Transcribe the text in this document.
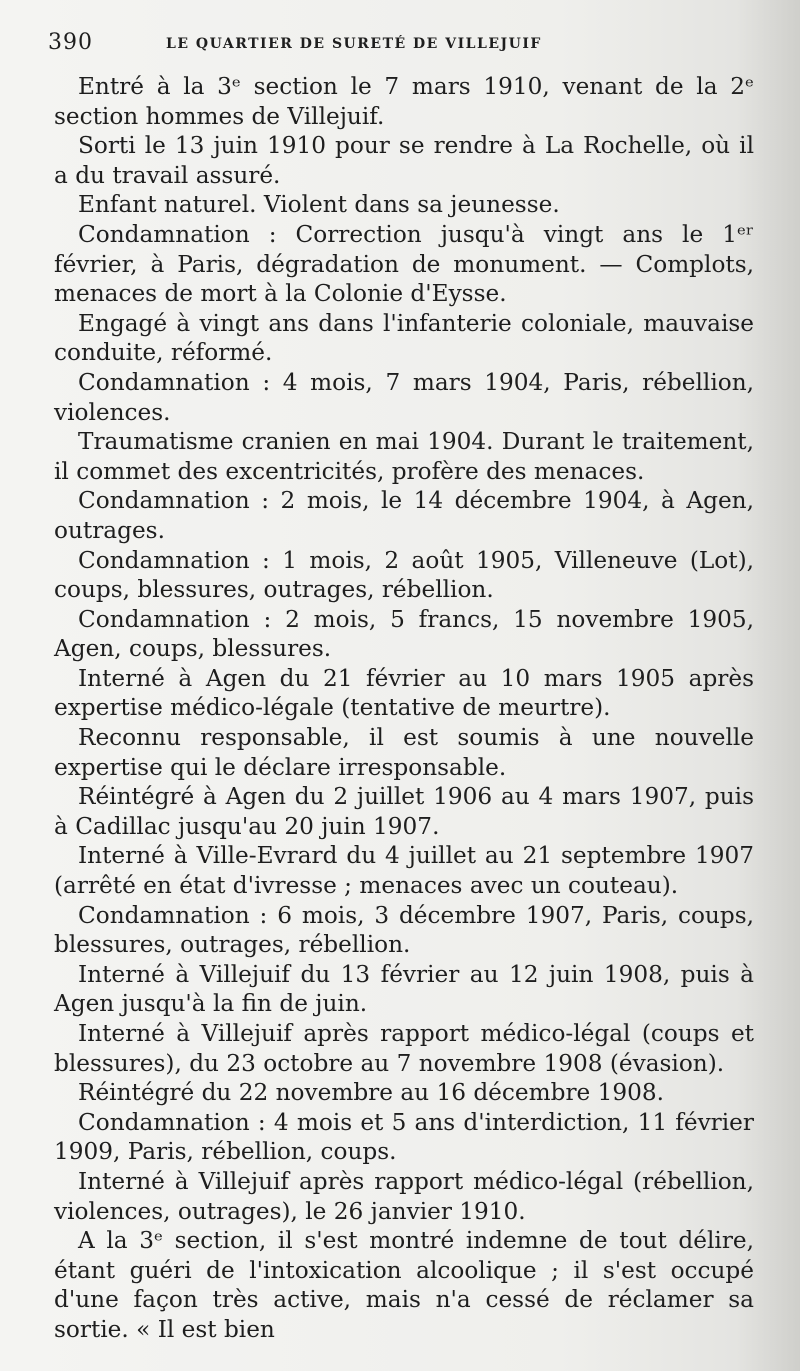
390	LE QUARTIER DE SURETÉ DE VILLEJUIF

Entré à la 3ᵉ section le 7 mars 1910, venant de la 2ᵉ section hommes de Villejuif.

Sorti le 13 juin 1910 pour se rendre à La Rochelle, où il a du travail assuré.

Enfant naturel. Violent dans sa jeunesse.

Condamnation : Correction jusqu'à vingt ans le 1ᵉʳ février, à Paris, dégradation de monument. — Complots, menaces de mort à la Colonie d'Eysse.

Engagé à vingt ans dans l'infanterie coloniale, mauvaise conduite, réformé.

Condamnation : 4 mois, 7 mars 1904, Paris, rébellion, violences.

Traumatisme cranien en mai 1904. Durant le traitement, il commet des excentricités, profère des menaces.

Condamnation : 2 mois, le 14 décembre 1904, à Agen, outrages.

Condamnation : 1 mois, 2 août 1905, Villeneuve (Lot), coups, blessures, outrages, rébellion.

Condamnation : 2 mois, 5 francs, 15 novembre 1905, Agen, coups, blessures.

Interné à Agen du 21 février au 10 mars 1905 après expertise médico-légale (tentative de meurtre).

Reconnu responsable, il est soumis à une nouvelle expertise qui le déclare irresponsable.

Réintégré à Agen du 2 juillet 1906 au 4 mars 1907, puis à Cadillac jusqu'au 20 juin 1907.

Interné à Ville-Evrard du 4 juillet au 21 septembre 1907 (arrêté en état d'ivresse ; menaces avec un couteau).

Condamnation : 6 mois, 3 décembre 1907, Paris, coups, blessures, outrages, rébellion.

Interné à Villejuif du 13 février au 12 juin 1908, puis à Agen jusqu'à la fin de juin.

Interné à Villejuif après rapport médico-légal (coups et blessures), du 23 octobre au 7 novembre 1908 (évasion).

Réintégré du 22 novembre au 16 décembre 1908.

Condamnation : 4 mois et 5 ans d'interdiction, 11 février 1909, Paris, rébellion, coups.

Interné à Villejuif après rapport médico-légal (rébellion, violences, outrages), le 26 janvier 1910.

A la 3ᵉ section, il s'est montré indemne de tout délire, étant guéri de l'intoxication alcoolique ; il s'est occupé d'une façon très active, mais n'a cessé de réclamer sa sortie. « Il est bien
